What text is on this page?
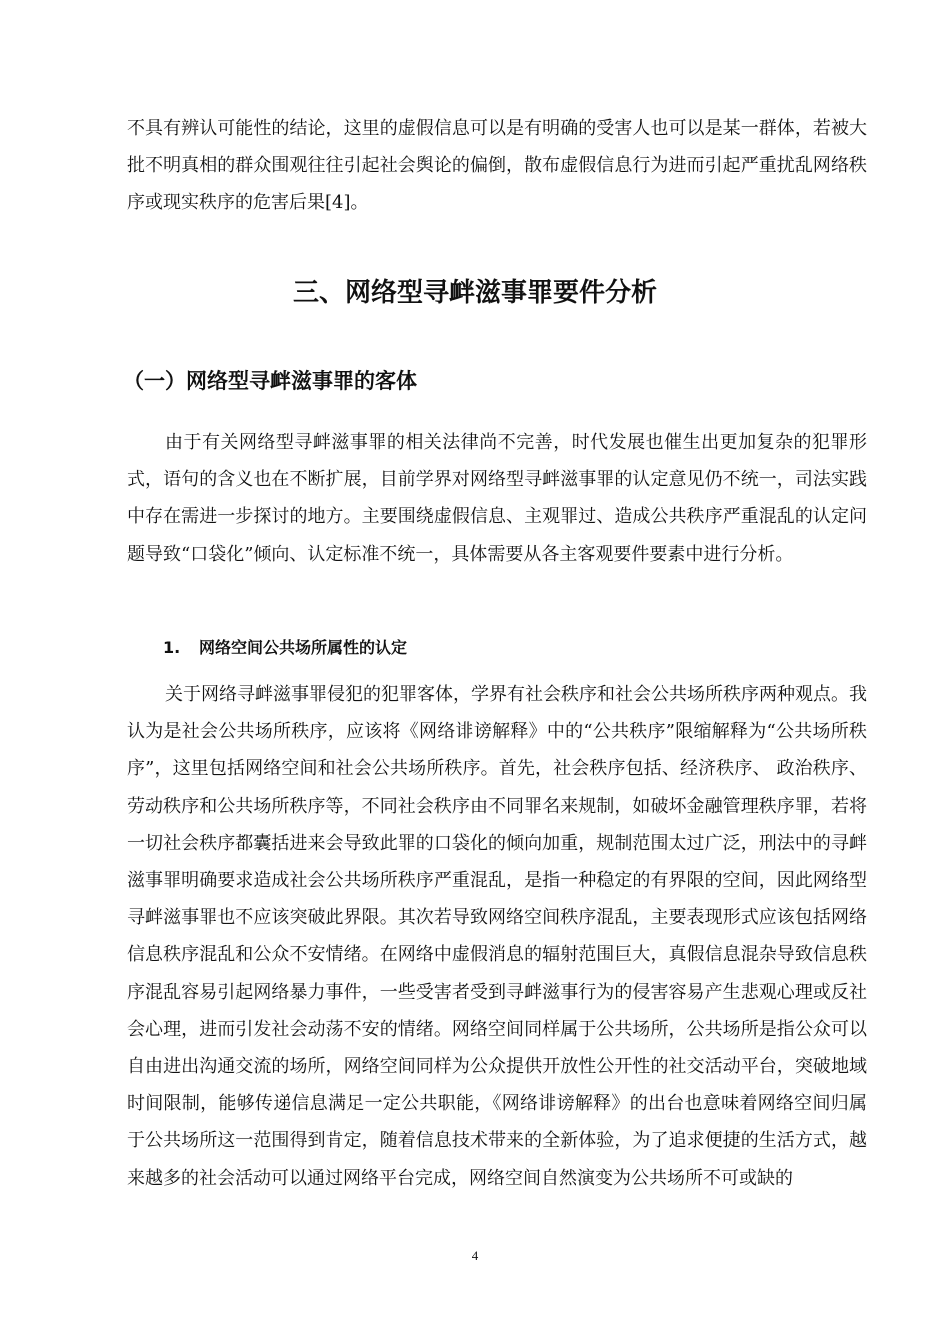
不具有辨认可能性的结论，这里的虚假信息可以是有明确的受害人也可以是某一群体，若被大批不明真相的群众围观往往引起社会舆论的偏倒，散布虚假信息行为进而引起严重扰乱网络秩序或现实秩序的危害后果[4]。

三、网络型寻衅滋事罪要件分析
（一）网络型寻衅滋事罪的客体

由于有关网络型寻衅滋事罪的相关法律尚不完善，时代发展也催生出更加复杂的犯罪形式，语句的含义也在不断扩展，目前学界对网络型寻衅滋事罪的认定意见仍不统一，司法实践中存在需进一步探讨的地方。主要围绕虚假信息、主观罪过、造成公共秩序严重混乱的认定问题导致“口袋化”倾向、认定标准不统一，具体需要从各主客观要件要素中进行分析。

1. 网络空间公共场所属性的认定

关于网络寻衅滋事罪侵犯的犯罪客体，学界有社会秩序和社会公共场所秩序两种观点。我认为是社会公共场所秩序，应该将《网络诽谤解释》中的“公共秩序”限缩解释为“公共场所秩序”，这里包括网络空间和社会公共场所秩序。首先，社会秩序包括、经济秩序、 政治秩序、劳动秩序和公共场所秩序等，不同社会秩序由不同罪名来规制，如破坏金融管理秩序罪，若将一切社会秩序都囊括进来会导致此罪的口袋化的倾向加重，规制范围太过广泛，刑法中的寻衅滋事罪明确要求造成社会公共场所秩序严重混乱，是指一种稳定的有界限的空间，因此网络型寻衅滋事罪也不应该突破此界限。其次若导致网络空间秩序混乱，主要表现形式应该包括网络信息秩序混乱和公众不安情绪。在网络中虚假消息的辐射范围巨大，真假信息混杂导致信息秩序混乱容易引起网络暴力事件，一些受害者受到寻衅滋事行为的侵害容易产生悲观心理或反社会心理，进而引发社会动荡不安的情绪。网络空间同样属于公共场所，公共场所是指公众可以自由进出沟通交流的场所，网络空间同样为公众提供开放性公开性的社交活动平台，突破地域时间限制，能够传递信息满足一定公共职能，《网络诽谤解释》的出台也意味着网络空间归属于公共场所这一范围得到肯定，随着信息技术带来的全新体验，为了追求便捷的生活方式，越来越多的社会活动可以通过网络平台完成，网络空间自然演变为公共场所不可或缺的

4
